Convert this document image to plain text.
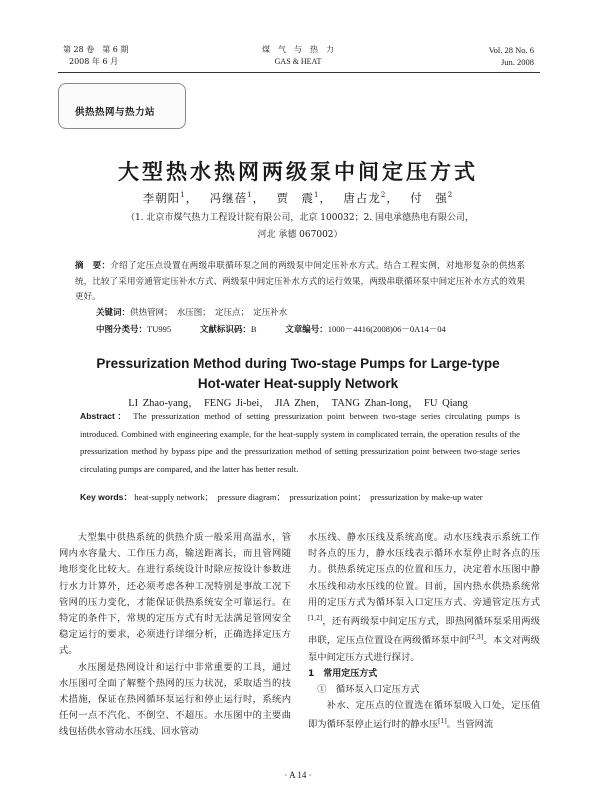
第 28 卷　第 6 期
2008 年 6 月
煤　气　与　热　力
GAS & HEAT
Vol. 28 No. 6
Jun. 2008
供热热网与热力站
大型热水热网两级泵中间定压方式
李朝阳$^1$，　 冯继蓓$^1$，　 贾　震$^1$，　 唐占龙$^2$，　 付　强$^2$
（1. 北京市煤气热力工程设计院有限公司，北京 100032；2. 国电承德热电有限公司，
河北 承德 067002）
摘　要：介绍了定压点设置在两级串联循环泵之间的两级泵中间定压补水方式。结合工程实例，对地形复杂的供热系统，比较了采用旁通管定压补水方式、两级泵中间定压补水方式的运行效果，两级串联循环泵中间定压补水方式的效果更好。
关键词：供热管网；　水压图；　定压点；　定压补水
中图分类号：TU995	文献标识码：B	文章编号：1000－4416(2008)06－0A14－04
Pressurization Method during Two-stage Pumps for Large-type
Hot-water Heat-supply Network
LI Zhao-yang，　FENG Ji-bei，　JIA Zhen，　TANG Zhan-long，　FU Qiang
Abstract： The pressurization method of setting pressurization point between two-stage series circulating pumps is introduced. Combined with engineering example, for the heat-supply system in complicated terrain, the operation results of the pressurization method by bypass pipe and the pressurization method of setting pressurization point between two-stage series circulating pumps are compared, and the latter has better result.
Key words： heat-supply network；　pressure diagram；　pressurization point；　pressurization by make-up water

大型集中供热系统的供热介质一般采用高温水，管网内水容量大、工作压力高，输送距离长，而且管网随地形变化比较大。在进行系统设计时除应按设计参数进行水力计算外，还必须考虑各种工况特别是事故工况下管网的压力变化，才能保证供热系统安全可靠运行。在特定的条件下，常规的定压方式有时无法满足管网安全稳定运行的要求，必须进行详细分析，正确选择定压方式。

水压图是热网设计和运行中非常重要的工具，通过水压图可全面了解整个热网的压力状况，采取适当的技术措施，保证在热网循环泵运行和停止运行时，系统内任何一点不汽化、不倒空、不超压。水压图中的主要曲线包括供水管动水压线、回水管动

水压线、静水压线及系统高度。动水压线表示系统工作时各点的压力，静水压线表示循环水泵停止时各点的压力。供热系统定压点的位置和压力，决定着水压图中静水压线和动水压线的位置。目前，国内热水供热系统常用的定压方式为循环泵入口定压方式、旁通管定压方式[1,2]，还有两级泵中间定压方式，即热网循环泵采用两级串联，定压点位置设在两级循环泵中间[2,3]。本文对两级泵中间定压方式进行探讨。

1　常用定压方式

①　循环泵入口定压方式

补水、定压点的位置选在循环泵吸入口处，定压值即为循环泵停止运行时的静水压[1]。当管网流

· A 14 ·
